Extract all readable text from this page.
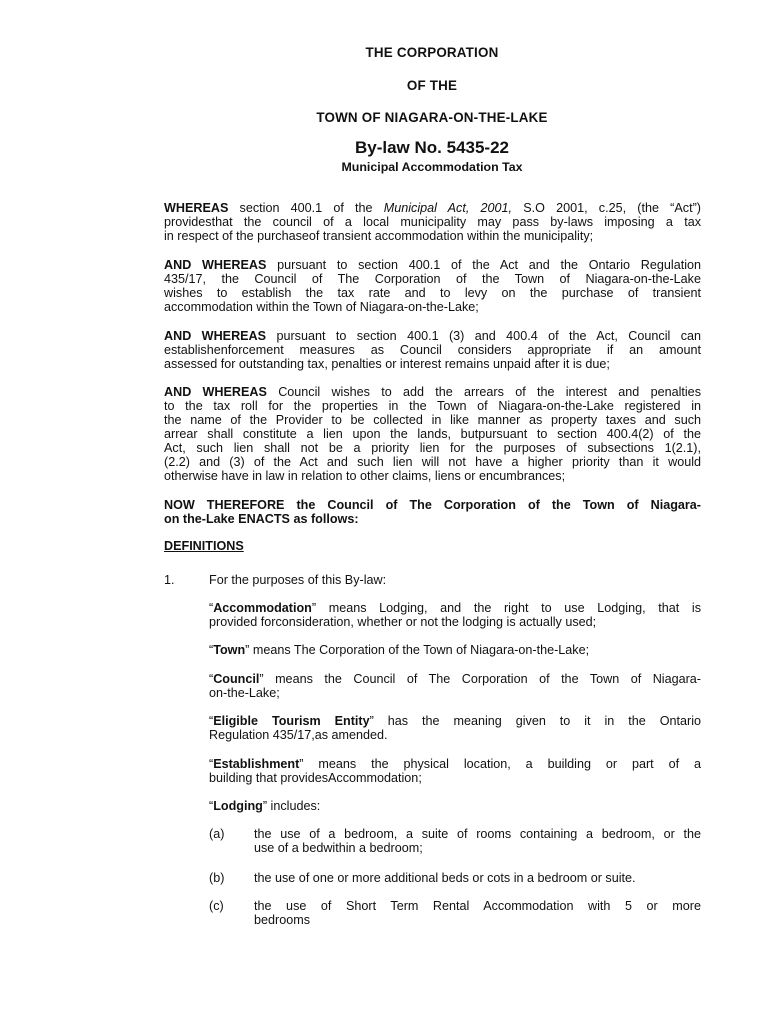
THE CORPORATION
OF THE
TOWN OF NIAGARA-ON-THE-LAKE
By-law No. 5435-22
Municipal Accommodation Tax
WHEREAS section 400.1 of the Municipal Act, 2001, S.O 2001, c.25, (the “Act”)
providesthat the council of a local municipality may pass by-laws imposing a tax
in respect of the purchaseof transient accommodation within the municipality;
AND WHEREAS pursuant to section 400.1 of the Act and the Ontario Regulation
435/17, the Council of The Corporation of the Town of Niagara-on-the-Lake
wishes to establish the tax rate and to levy on the purchase of transient
accommodation within the Town of Niagara-on-the-Lake;
AND WHEREAS pursuant to section 400.1 (3) and 400.4 of the Act, Council can
establishenforcement measures as Council considers appropriate if an amount
assessed for outstanding tax, penalties or interest remains unpaid after it is due;
AND WHEREAS Council wishes to add the arrears of the interest and penalties
to the tax roll for the properties in the Town of Niagara-on-the-Lake registered in
the name of the Provider to be collected in like manner as property taxes and such
arrear shall constitute a lien upon the lands, butpursuant to section 400.4(2) of the
Act, such lien shall not be a priority lien for the purposes of subsections 1(2.1),
(2.2) and (3) of the Act and such lien will not have a higher priority than it would
otherwise have in law in relation to other claims, liens or encumbrances;
NOW THEREFORE the Council of The Corporation of the Town of Niagara-
on the-Lake ENACTS as follows:
DEFINITIONS
1.	For the purposes of this By-law:
“Accommodation” means Lodging, and the right to use Lodging, that is
provided forconsideration, whether or not the lodging is actually used;
“Town” means The Corporation of the Town of Niagara-on-the-Lake;
“Council” means the Council of The Corporation of the Town of Niagara-
on-the-Lake;
“Eligible Tourism Entity” has the meaning given to it in the Ontario
Regulation 435/17,as amended.
“Establishment” means the physical location, a building or part of a
building that providesAccommodation;
“Lodging” includes:
(a) the use of a bedroom, a suite of rooms containing a bedroom, or the
use of a bedwithin a bedroom;
(b) the use of one or more additional beds or cots in a bedroom or suite.
(c) the use of Short Term Rental Accommodation with 5 or more
bedrooms
